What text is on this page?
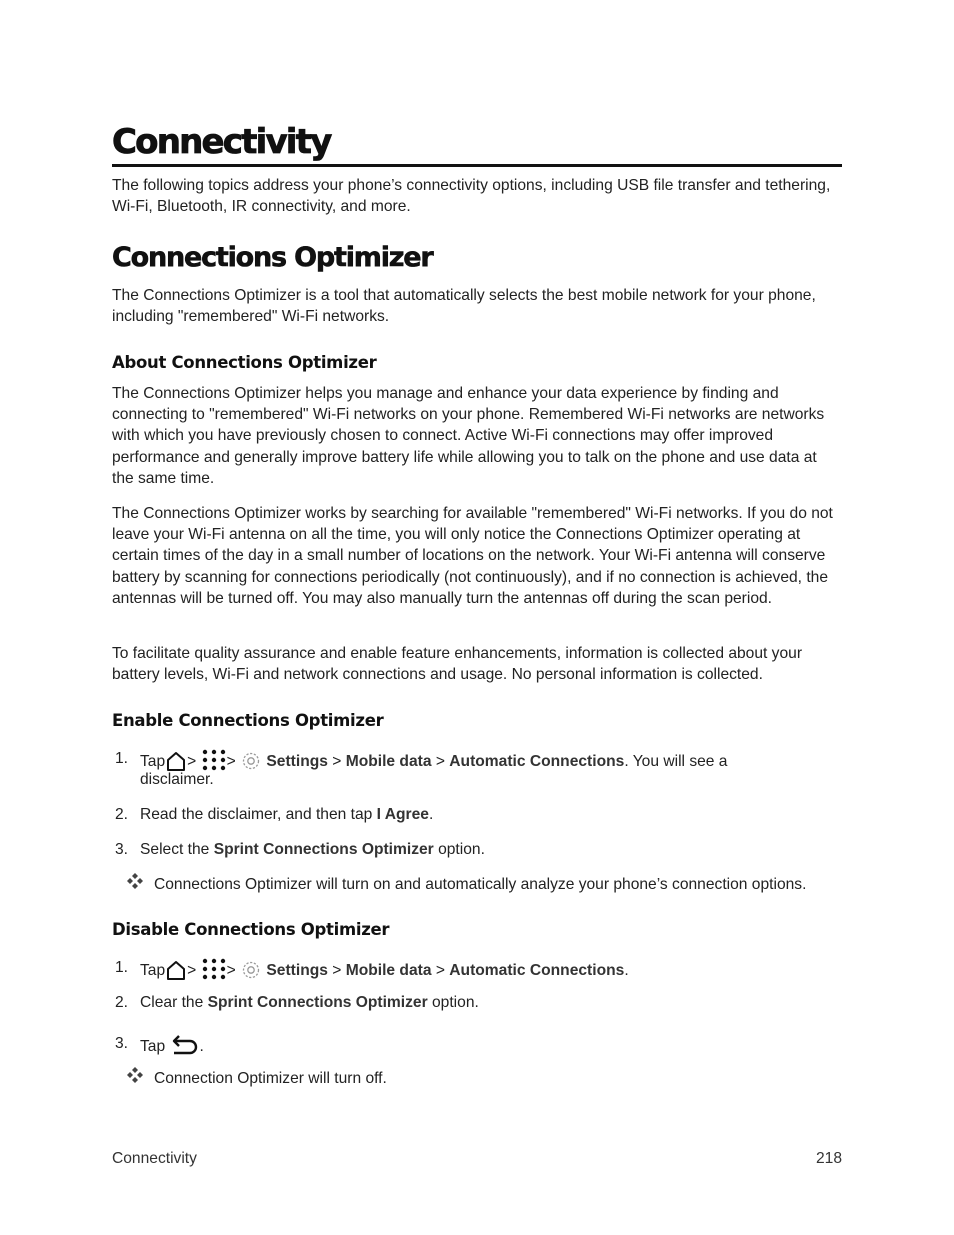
Connectivity

The following topics address your phone’s connectivity options, including USB file transfer and tethering, Wi-Fi, Bluetooth, IR connectivity, and more.

Connections Optimizer

The Connections Optimizer is a tool that automatically selects the best mobile network for your phone, including "remembered" Wi-Fi networks.

About Connections Optimizer

The Connections Optimizer helps you manage and enhance your data experience by finding and connecting to "remembered" Wi-Fi networks on your phone. Remembered Wi-Fi networks are networks with which you have previously chosen to connect. Active Wi-Fi connections may offer improved performance and generally improve battery life while allowing you to talk on the phone and use data at the same time.

The Connections Optimizer works by searching for available "remembered" Wi-Fi networks. If you do not leave your Wi-Fi antenna on all the time, you will only notice the Connections Optimizer operating at certain times of the day in a small number of locations on the network. Your Wi-Fi antenna will conserve battery by scanning for connections periodically (not continuously), and if no connection is achieved, the antennas will be turned off. You may also manually turn the antennas off during the scan period.

To facilitate quality assurance and enable feature enhancements, information is collected about your battery levels, Wi-Fi and network connections and usage. No personal information is collected.

Enable Connections Optimizer
1. Tap > > Settings > Mobile data > Automatic Connections. You will see a
disclaimer.
2. Read the disclaimer, and then tap I Agree.
3. Select the Sprint Connections Optimizer option.
Connections Optimizer will turn on and automatically analyze your phone’s connection options.
Disable Connections Optimizer
1. Tap > > Settings > Mobile data > Automatic Connections.
2. Clear the Sprint Connections Optimizer option.
3. Tap .
Connection Optimizer will turn off.
Connectivity	218
